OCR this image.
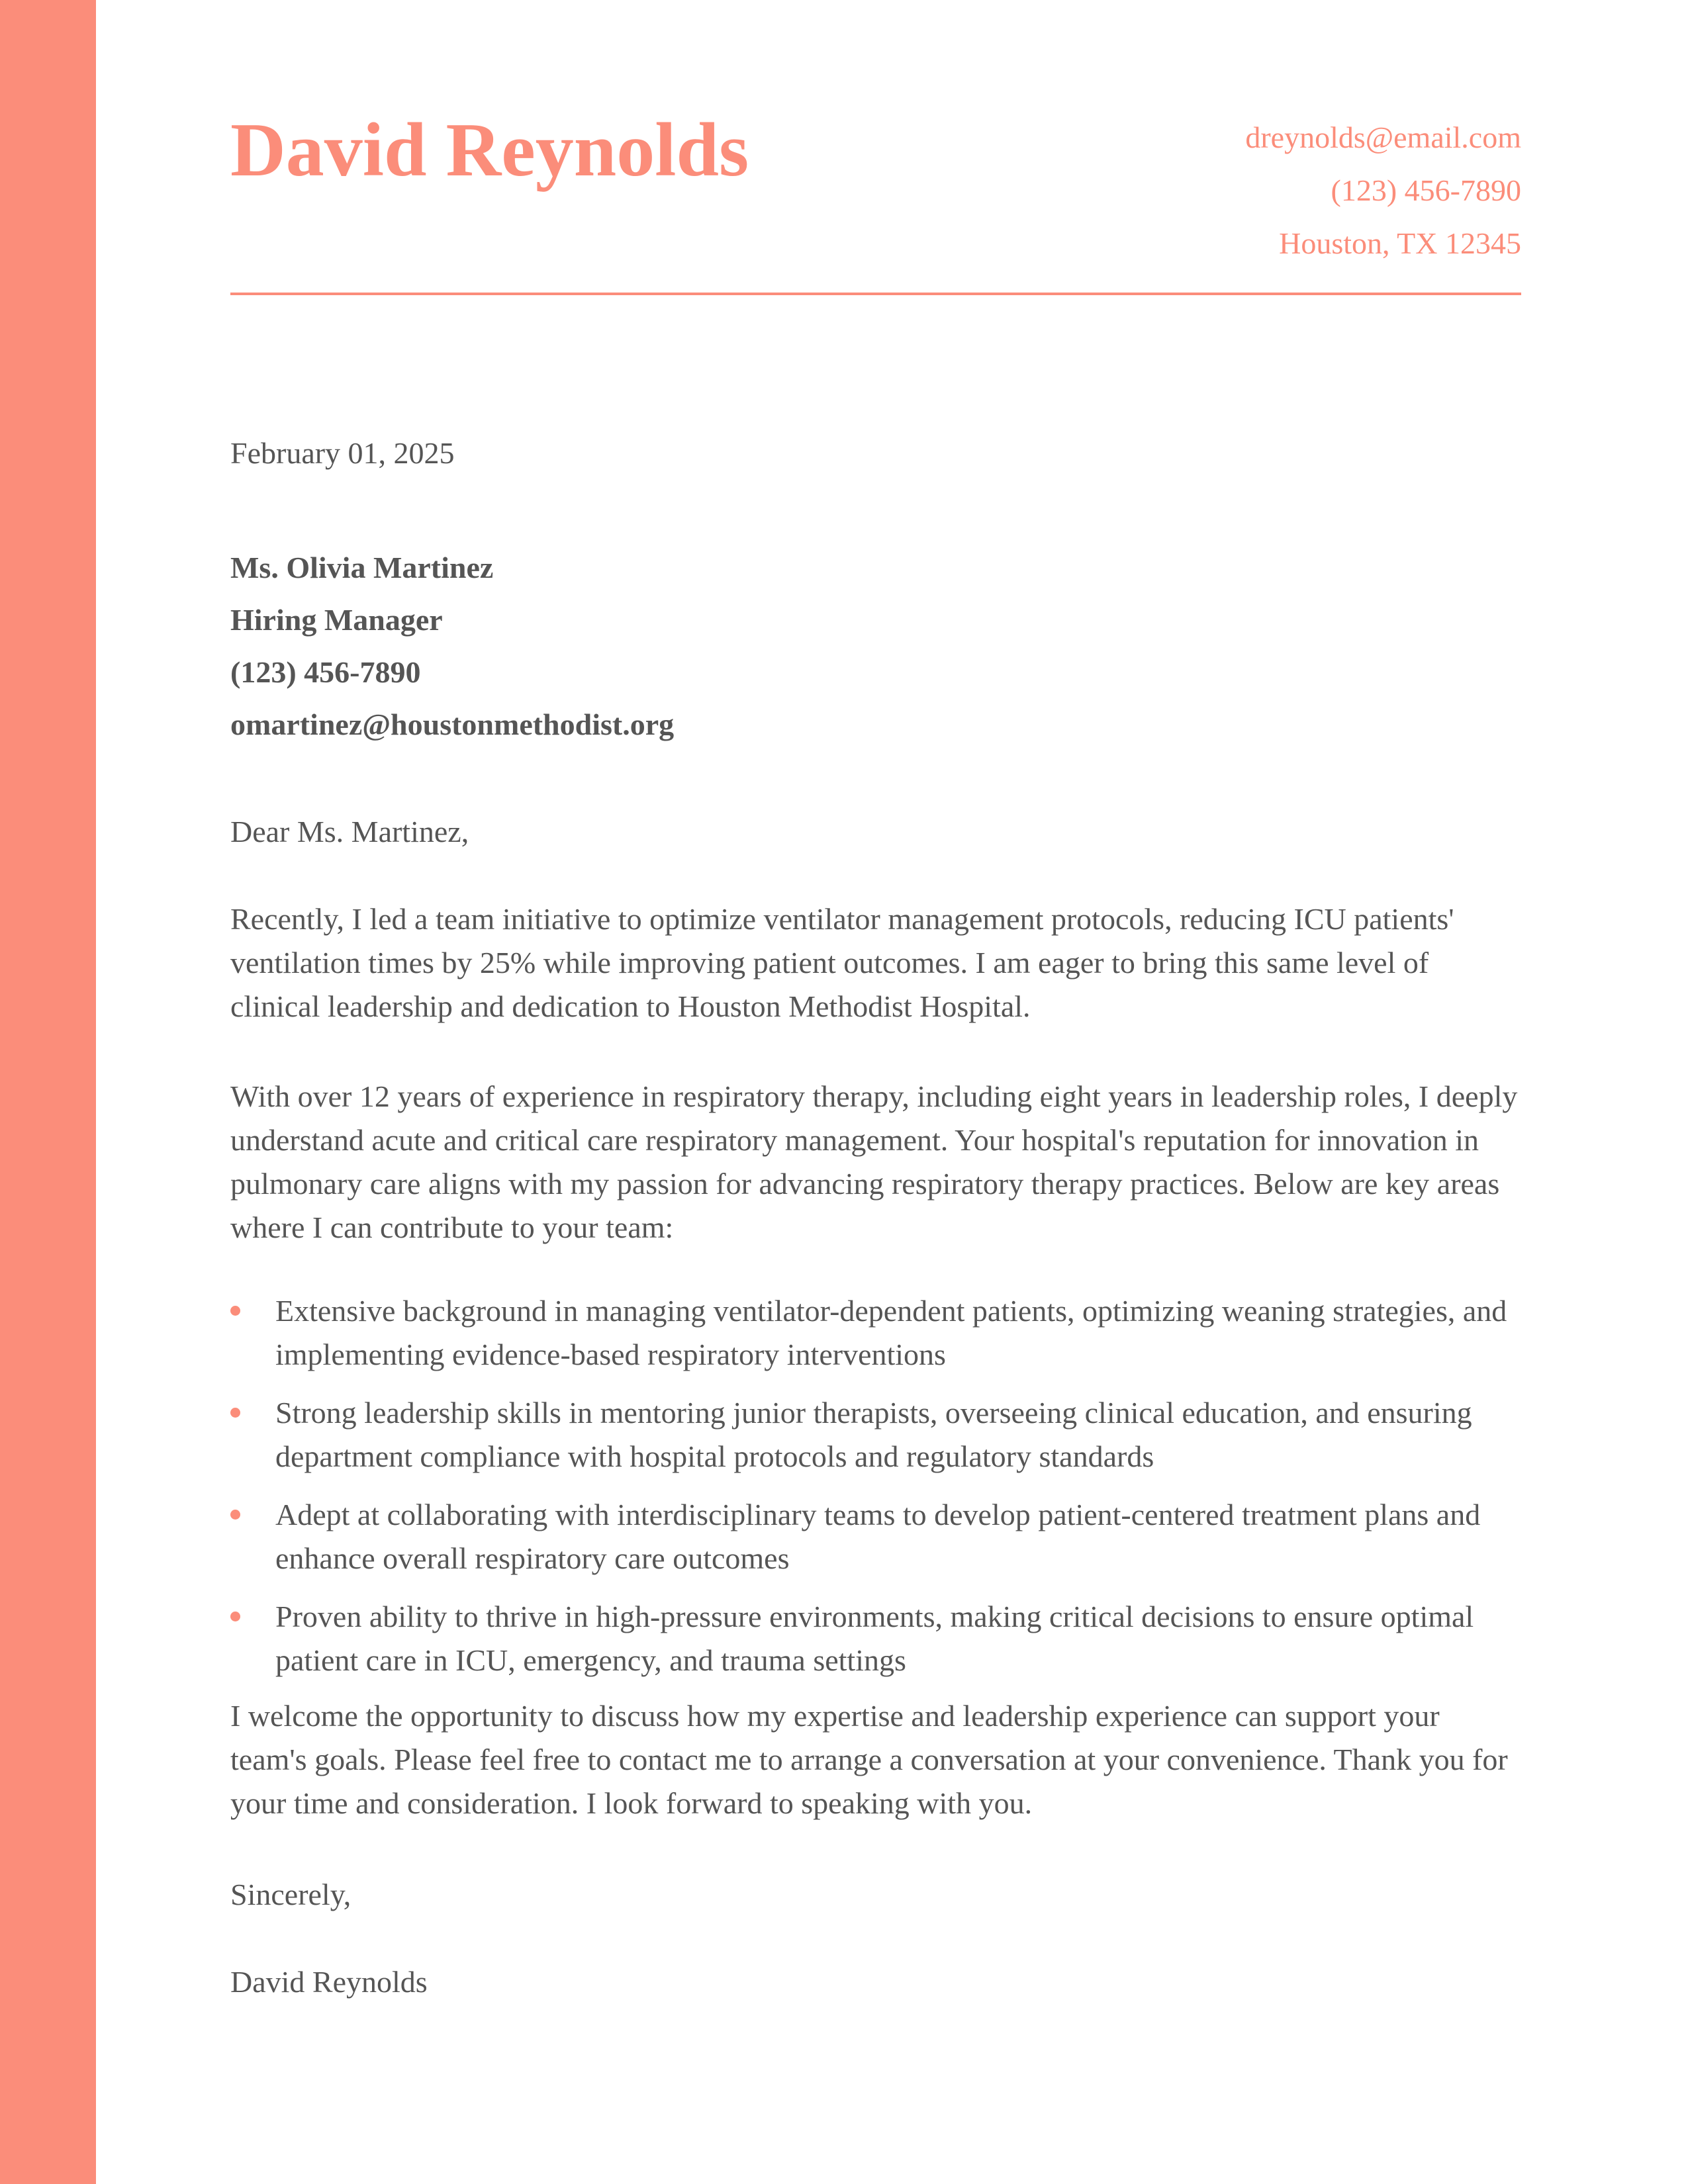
David Reynolds	dreynolds@email.com
(123) 456-7890
Houston, TX 12345
February 01, 2025
Ms. Olivia Martinez
Hiring Manager
(123) 456-7890
omartinez@houstonmethodist.org
Dear Ms. Martinez,

Recently, I led a team initiative to optimize ventilator management protocols, reducing ICU patients' ventilation times by 25% while improving patient outcomes. I am eager to bring this same level of clinical leadership and dedication to Houston Methodist Hospital.

With over 12 years of experience in respiratory therapy, including eight years in leadership roles, I deeply understand acute and critical care respiratory management. Your hospital's reputation for innovation in pulmonary care aligns with my passion for advancing respiratory therapy practices. Below are key areas where I can contribute to your team:

Extensive background in managing ventilator-dependent patients, optimizing weaning strategies, and implementing evidence-based respiratory interventions
Strong leadership skills in mentoring junior therapists, overseeing clinical education, and ensuring department compliance with hospital protocols and regulatory standards
Adept at collaborating with interdisciplinary teams to develop patient-centered treatment plans and enhance overall respiratory care outcomes
Proven ability to thrive in high-pressure environments, making critical decisions to ensure optimal patient care in ICU, emergency, and trauma settings

I welcome the opportunity to discuss how my expertise and leadership experience can support your team's goals. Please feel free to contact me to arrange a conversation at your convenience. Thank you for your time and consideration. I look forward to speaking with you.

Sincerely,
David Reynolds
